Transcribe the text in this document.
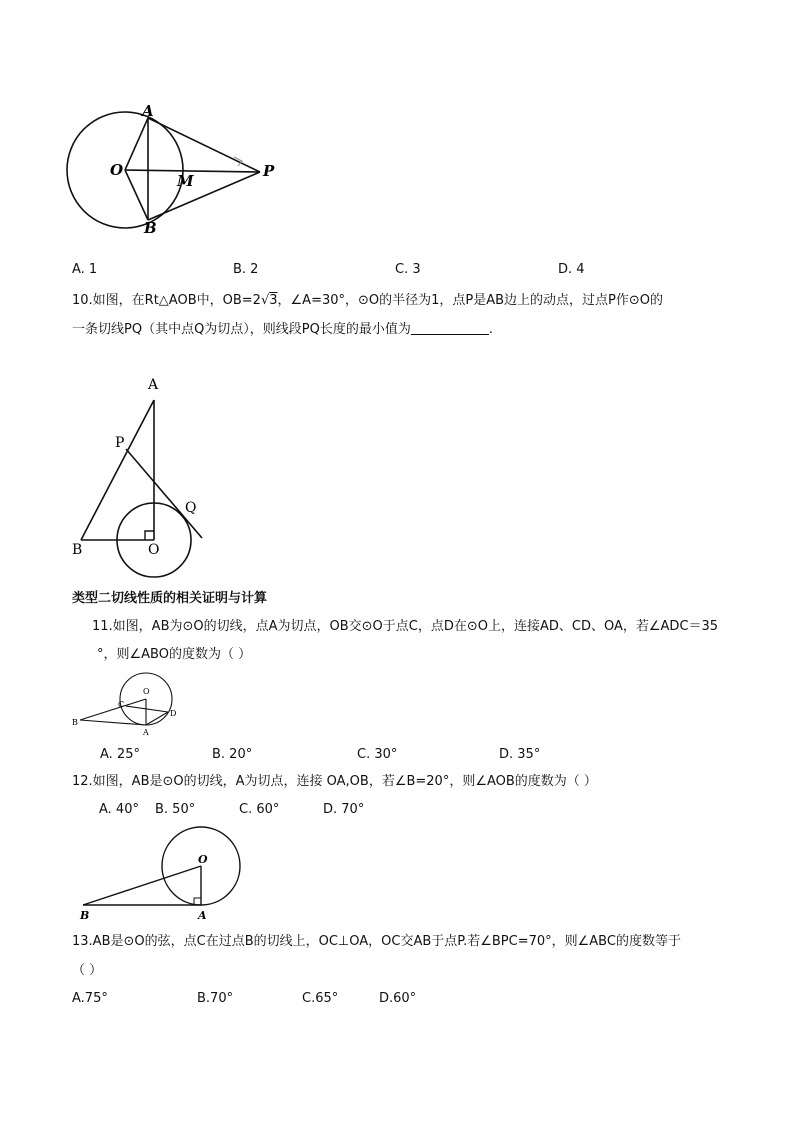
A
O
M
P
B
A. 1	B. 2	C. 3	D. 4
10.如图，在Rt△AOB中，OB=2√3，∠A=30°，⊙O的半径为1，点P是AB边上的动点，过点P作⊙O的
一条切线PQ（其中点Q为切点），则线段PQ长度的最小值为	.
A
P
Q
B	O
类型二切线性质的相关证明与计算
11.如图，AB为⊙O的切线，点A为切点，OB交⊙O于点C，点D在⊙O上，连接AD、CD、OA，若∠ADC＝35
°，则∠ABO的度数为（ ）
O
C
D
B
A
A. 25°	B. 20°	C. 30°	D. 35°
12.如图，AB是⊙O的切线，A为切点，连接 OA,OB，若∠B=20°，则∠AOB的度数为（ ）
A. 40° B. 50°	C. 60°	D. 70°
O
B	A
13.AB是⊙O的弦，点C在过点B的切线上，OC⊥OA，OC交AB于点P.若∠BPC=70°，则∠ABC的度数等于
（ ）
A.75°	B.70°	C.65°	D.60°
